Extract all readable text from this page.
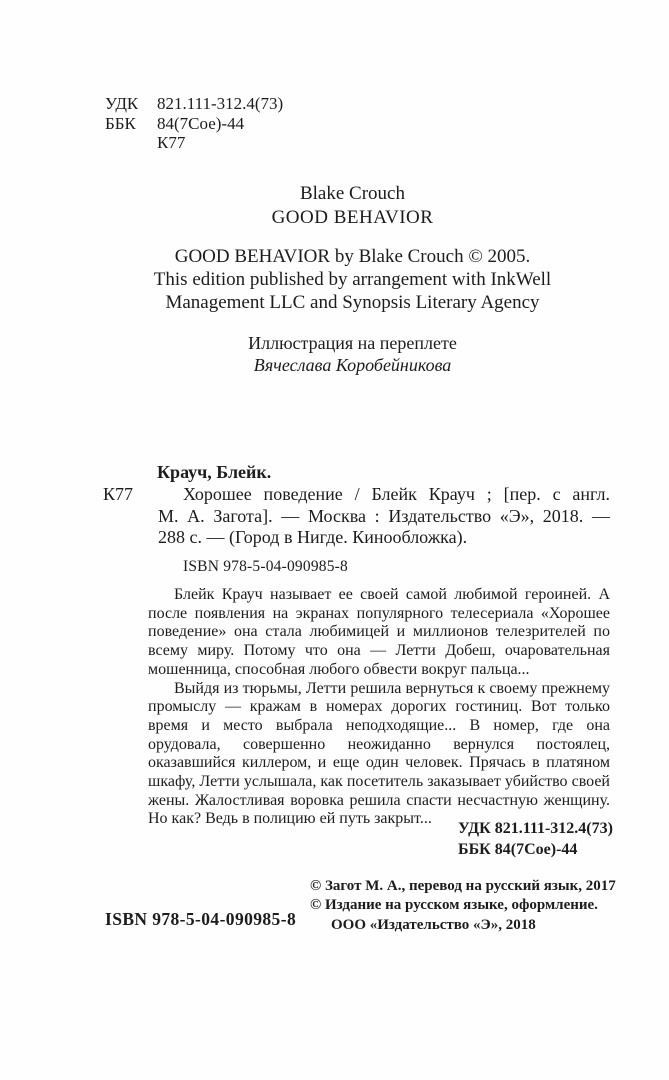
УДК	821.111-312.4(73)
ББК	84(7Сое)-44
К77
Blake Crouch
GOOD BEHAVIOR
GOOD BEHAVIOR by Blake Crouch © 2005.
This edition published by arrangement with InkWell
Management LLC and Synopsis Literary Agency
Иллюстрация на переплете
Вячеслава Коробейникова
Крауч, Блейк.
К77	Хорошее поведение / Блейк Крауч ; [пер. с англ.
М. А. Загота]. — Москва : Издательство «Э», 2018. —
288 с. — (Город в Нигде. Кинообложка).
ISBN 978-5-04-090985-8

Блейк Крауч называет ее своей самой любимой героиней. А после появления на экранах популярного телесериала «Хорошее поведение» она стала любимицей и миллионов телезрителей по всему миру. Потому что она — Летти Добеш, очаровательная мошенница, способная любого обвести вокруг пальца...

Выйдя из тюрьмы, Летти решила вернуться к своему прежнему промыслу — кражам в номерах дорогих гостиниц. Вот только время и место выбрала неподходящие... В номер, где она орудовала, совершенно неожиданно вернулся постоялец, оказавшийся киллером, и еще один человек. Прячась в платяном шкафу, Летти услышала, как посетитель заказывает убийство своей жены. Жалостливая воровка решила спасти несчастную женщину. Но как? Ведь в полицию ей путь закрыт...

УДК 821.111-312.4(73)
ББК 84(7Сое)-44
© Загот М. А., перевод на русский язык, 2017
© Издание на русском языке, оформление.
ООО «Издательство «Э», 2018
ISBN 978-5-04-090985-8
